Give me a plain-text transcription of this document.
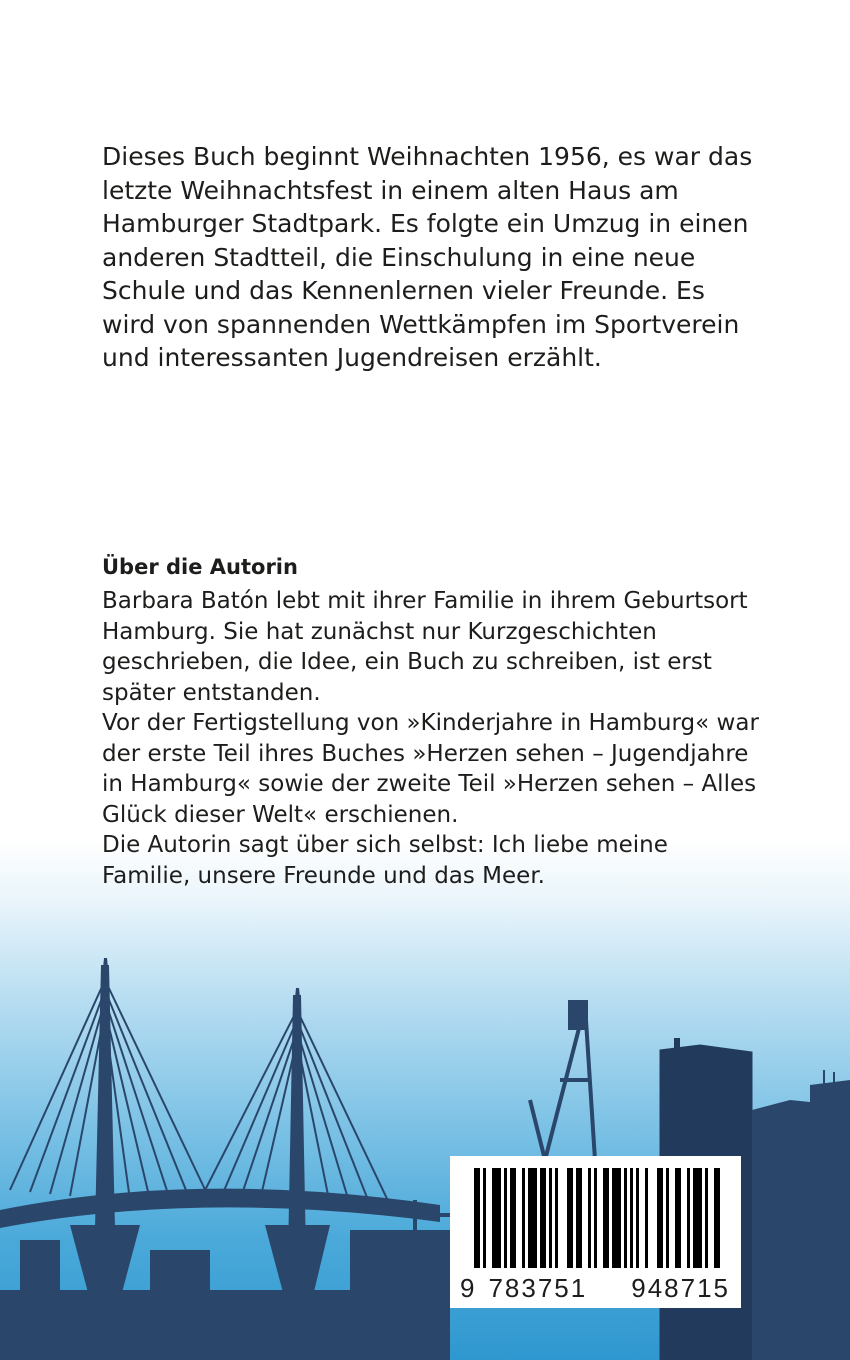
Dieses Buch beginnt Weihnachten 1956, es war das letzte Weihnachtsfest in einem alten Haus am Hamburger Stadtpark. Es folgte ein Umzug in einen anderen Stadtteil, die Einschulung in eine neue Schule und das Kennenlernen vieler Freunde. Es wird von spannenden Wettkämpfen im Sportverein und interessanten Jugendreisen erzählt.

Über die Autorin

Barbara Batón lebt mit ihrer Familie in ihrem Geburtsort Hamburg. Sie hat zunächst nur Kurzgeschichten geschrieben, die Idee, ein Buch zu schreiben, ist erst später entstanden.

Vor der Fertigstellung von »Kinderjahre in Hamburg« war der erste Teil ihres Buches »Herzen sehen – Jugendjahre in Hamburg« sowie der zweite Teil »Herzen sehen – Alles Glück dieser Welt« erschienen.

Die Autorin sagt über sich selbst: Ich liebe meine Familie, unsere Freunde und das Meer.

9 783751 948715
